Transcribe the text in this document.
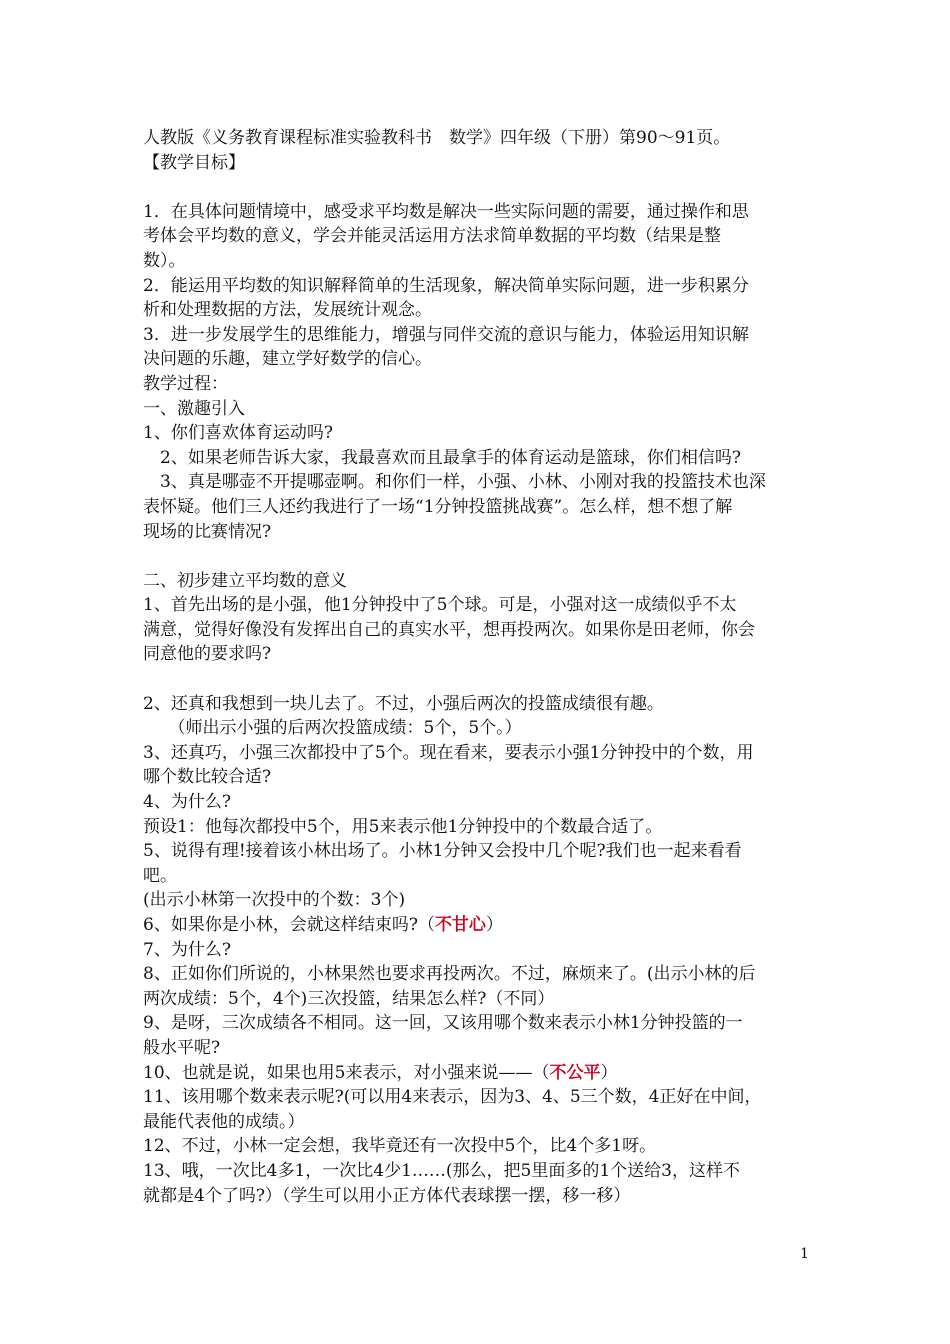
人教版《义务教育课程标准实验教科书　数学》四年级（下册）第90～91页。
【教学目标】
1．在具体问题情境中，感受求平均数是解决一些实际问题的需要，通过操作和思
考体会平均数的意义，学会并能灵活运用方法求简单数据的平均数（结果是整
数）。
2．能运用平均数的知识解释简单的生活现象，解决简单实际问题，进一步积累分
析和处理数据的方法，发展统计观念。
3．进一步发展学生的思维能力，增强与同伴交流的意识与能力，体验运用知识解
决问题的乐趣，建立学好数学的信心。
教学过程：
一、激趣引入
1、你们喜欢体育运动吗?
　2、如果老师告诉大家，我最喜欢而且最拿手的体育运动是篮球，你们相信吗?
　3、真是哪壶不开提哪壶啊。和你们一样，小强、小林、小刚对我的投篮技术也深
表怀疑。他们三人还约我进行了一场“1分钟投篮挑战赛”。怎么样，想不想了解
现场的比赛情况?
二、初步建立平均数的意义
1、首先出场的是小强，他1分钟投中了5个球。可是，小强对这一成绩似乎不太
满意，觉得好像没有发挥出自己的真实水平，想再投两次。如果你是田老师，你会
同意他的要求吗?
2、还真和我想到一块儿去了。不过，小强后两次的投篮成绩很有趣。
　　（师出示小强的后两次投篮成绩：5个，5个。）
3、还真巧，小强三次都投中了5个。现在看来，要表示小强1分钟投中的个数，用
哪个数比较合适?
4、为什么?
预设1：他每次都投中5个，用5来表示他1分钟投中的个数最合适了。
5、说得有理!接着该小林出场了。小林1分钟又会投中几个呢?我们也一起来看看
吧。
(出示小林第一次投中的个数：3个)
6、如果你是小林，会就这样结束吗?（不甘心）
7、为什么?
8、正如你们所说的，小林果然也要求再投两次。不过，麻烦来了。(出示小林的后
两次成绩：5个，4个)三次投篮，结果怎么样?（不同）
9、是呀，三次成绩各不相同。这一回，又该用哪个数来表示小林1分钟投篮的一
般水平呢?
10、也就是说，如果也用5来表示，对小强来说——（不公平）
11、该用哪个数来表示呢?(可以用4来表示，因为3、4、5三个数，4正好在中间，
最能代表他的成绩。）
12、不过，小林一定会想，我毕竟还有一次投中5个，比4个多1呀。
13、哦，一次比4多1，一次比4少1……(那么，把5里面多的1个送给3，这样不
就都是4个了吗?）（学生可以用小正方体代表球摆一摆，移一移）
1
